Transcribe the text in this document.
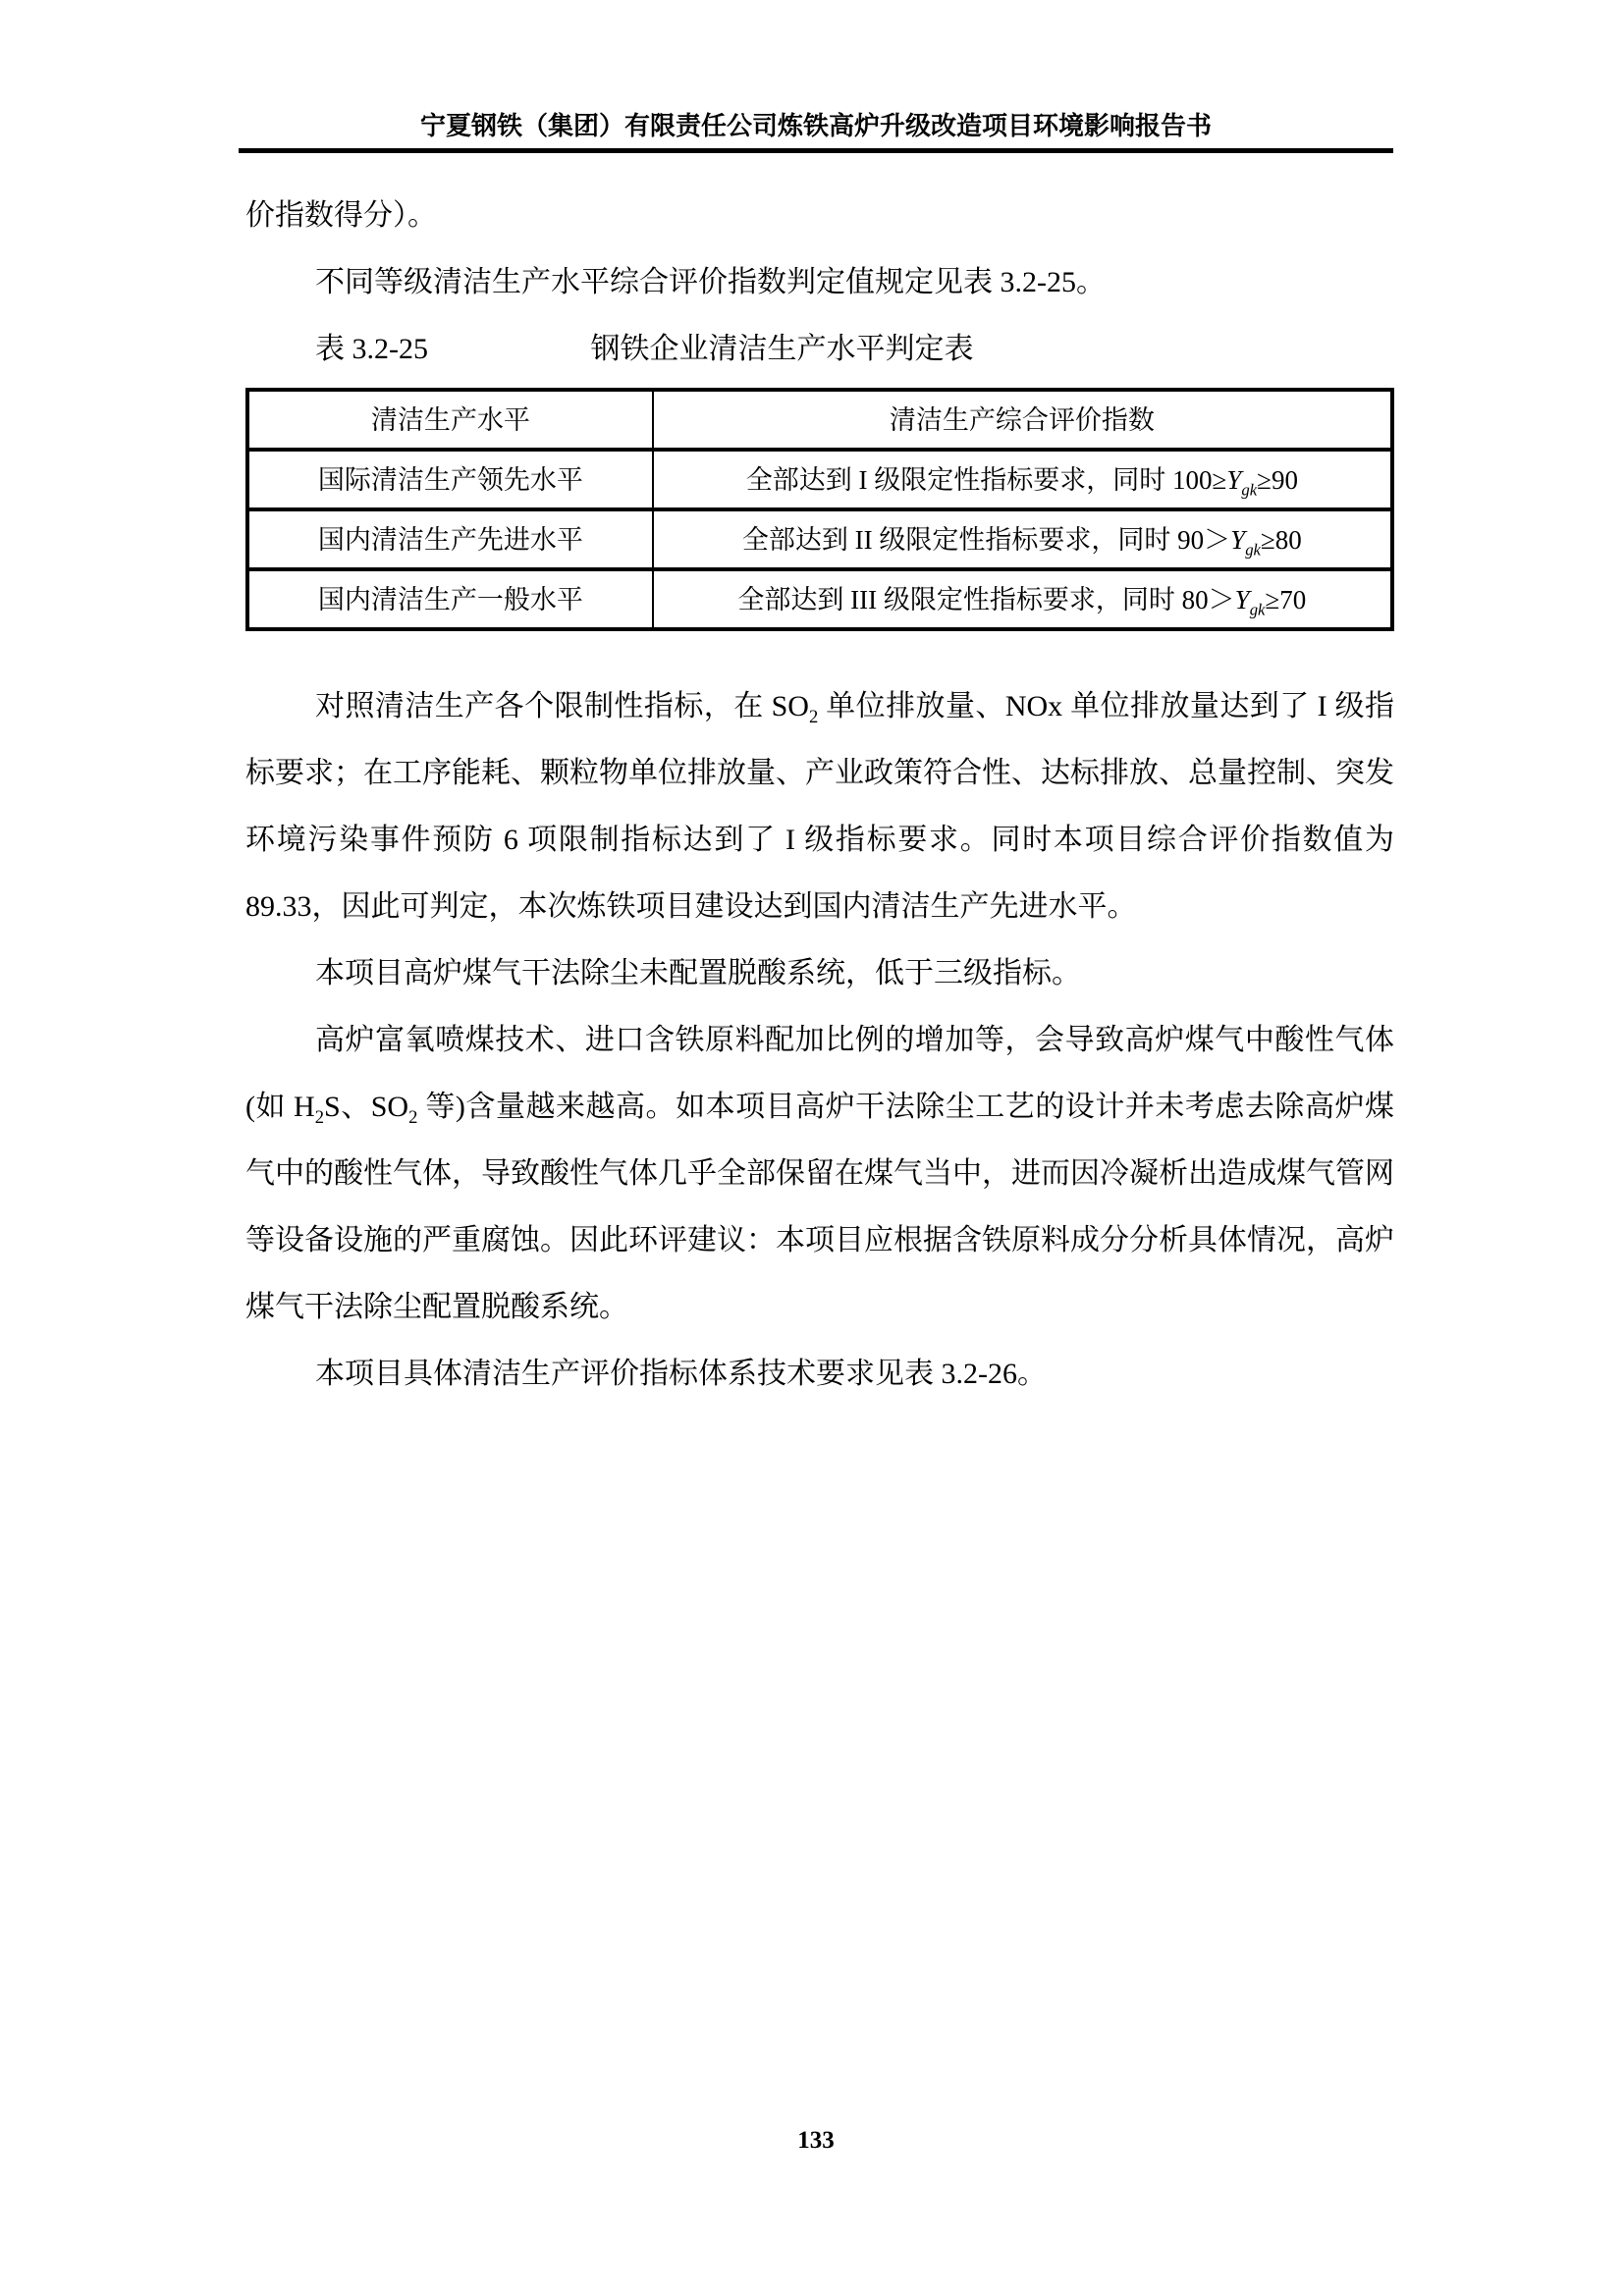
宁夏钢铁（集团）有限责任公司炼铁高炉升级改造项目环境影响报告书

价指数得分）。

不同等级清洁生产水平综合评价指数判定值规定见表 3.2-25。

表 3.2-25	钢铁企业清洁生产水平判定表

清洁生产水平	清洁生产综合评价指数
国际清洁生产领先水平	全部达到 I 级限定性指标要求，同时 $100\ge Y_{gk}\ge 90$
国内清洁生产先进水平	全部达到 II 级限定性指标要求，同时 $90>Y_{gk}\ge 80$
国内清洁生产一般水平	全部达到 III 级限定性指标要求，同时 $80>Y_{gk}\ge 70$

对照清洁生产各个限制性指标，在 $SO_2$ 单位排放量、NOx 单位排放量达到了 I 级指标要求；在工序能耗、颗粒物单位排放量、产业政策符合性、达标排放、总量控制、突发环境污染事件预防 6 项限制指标达到了 I 级指标要求。同时本项目综合评价指数值为 89.33，因此可判定，本次炼铁项目建设达到国内清洁生产先进水平。

本项目高炉煤气干法除尘未配置脱酸系统，低于三级指标。

高炉富氧喷煤技术、进口含铁原料配加比例的增加等，会导致高炉煤气中酸性气体(如 $H_2S$、$SO_2$ 等)含量越来越高。如本项目高炉干法除尘工艺的设计并未考虑去除高炉煤气中的酸性气体，导致酸性气体几乎全部保留在煤气当中，进而因冷凝析出造成煤气管网等设备设施的严重腐蚀。因此环评建议：本项目应根据含铁原料成分分析具体情况，高炉煤气干法除尘配置脱酸系统。

本项目具体清洁生产评价指标体系技术要求见表 3.2-26。

133
